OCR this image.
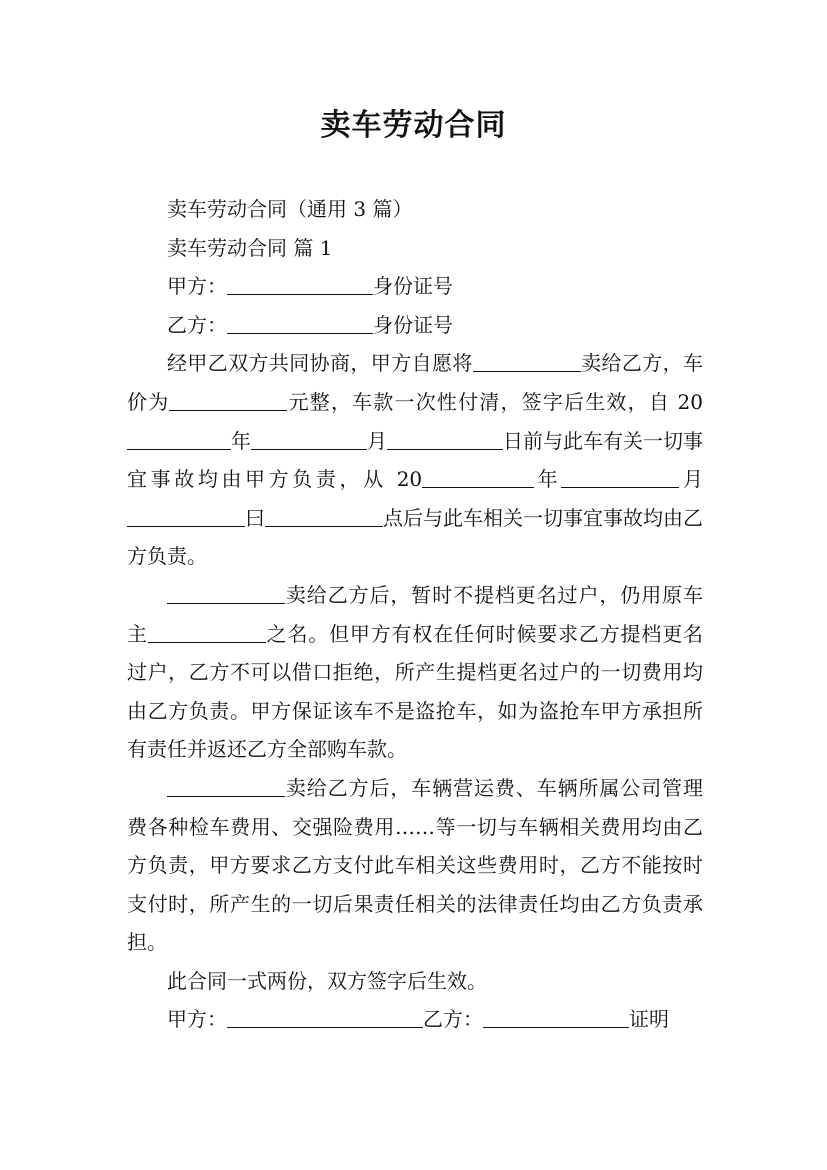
卖车劳动合同

卖车劳动合同（通用 3 篇）

卖车劳动合同 篇 1

甲方：	身份证号

乙方：	身份证号

经甲乙双方共同协商，甲方自愿将	卖给乙方，车价为	元整，车款一次性付清，签字后生效，自 20年	月	日前与此车有关一切事宜事故均由甲方负责，从 20	年	月曰	点后与此车相关一切事宜事故均由乙方负责。

卖给乙方后，暂时不提档更名过户，仍用原车主	之名。但甲方有权在任何时候要求乙方提档更名过户，乙方不可以借口拒绝，所产生提档更名过户的一切费用均由乙方负责。甲方保证该车不是盗抢车，如为盗抢车甲方承担所有责任并返还乙方全部购车款。

卖给乙方后，车辆营运费、车辆所属公司管理费各种检车费用、交强险费用……等一切与车辆相关费用均由乙方负责，甲方要求乙方支付此车相关这些费用时，乙方不能按时支付时，所产生的一切后果责任相关的法律责任均由乙方负责承担。

此合同一式两份，双方签字后生效。

甲方：	乙方：	证明
